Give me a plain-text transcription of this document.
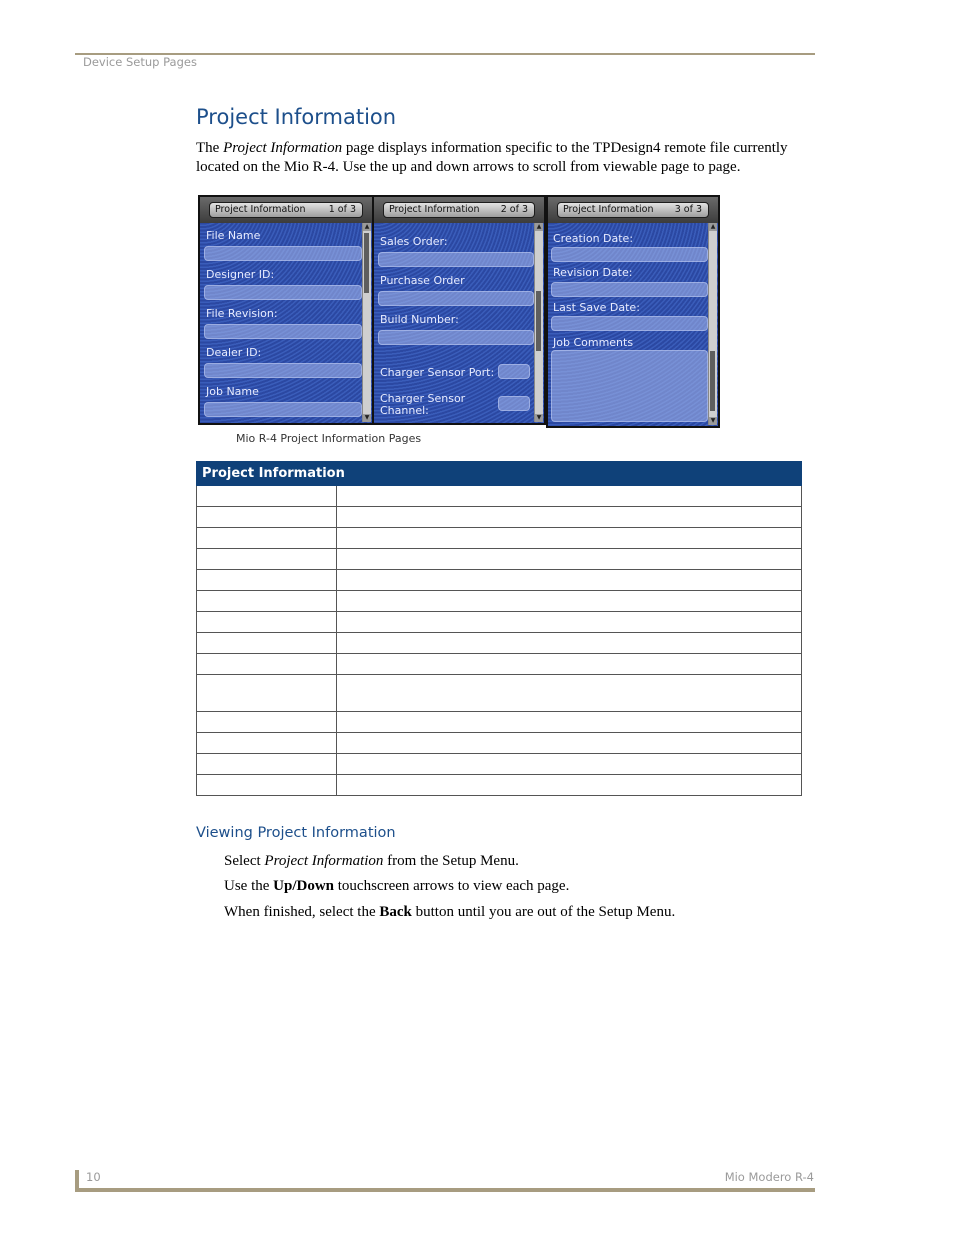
Device Setup Pages
Project Information
The Project Information page displays information specific to the TPDesign4 remote file currently located on the Mio R-4. Use the up and down arrows to scroll from viewable page to page.
Project Information 1 of 3
File Name
Designer ID:
File Revision:
Dealer ID:
Job Name
▲
▼
Project Information 2 of 3
Sales Order:
Purchase Order
Build Number:
Charger Sensor Port:
Charger Sensor Channel:
▲
▼
Project Information 3 of 3
Creation Date:
Revision Date:
Last Save Date:
Job Comments
▲
▼
Mio R-4 Project Information Pages
Project Information	

Viewing Project Information
Select Project Information from the Setup Menu.
Use the Up/Down touchscreen arrows to view each page.
When finished, select the Back button until you are out of the Setup Menu.
10	Mio Modero R-4
